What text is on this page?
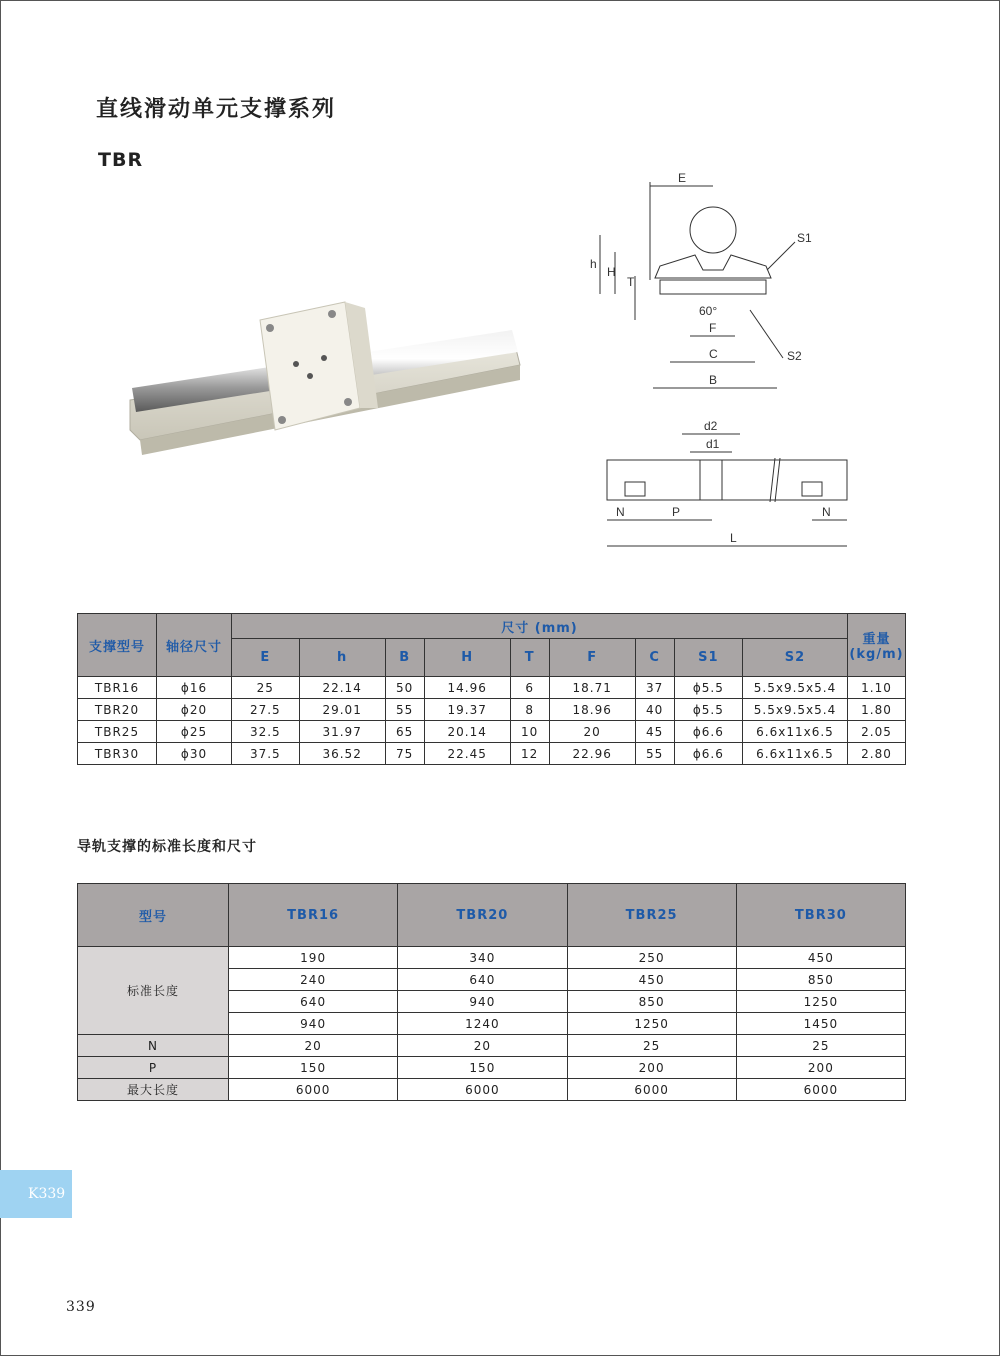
直线滑动单元支撑系列
TBR
E
h
H
T
S1
60°
F
C	S2
B
d2
d1
N	P	N
L
支撑型号	轴径尺寸	尺寸 (mm)									重量 (kg/m)
		E	h	B	H	T	F	C	S1	S2	
TBR16	ϕ16	25	22.14	50	14.96	6	18.71	37	ϕ5.5	5.5x9.5x5.4	1.10
TBR20	ϕ20	27.5	29.01	55	19.37	8	18.96	40	ϕ5.5	5.5x9.5x5.4	1.80
TBR25	ϕ25	32.5	31.97	65	20.14	10	20	45	ϕ6.6	6.6x11x6.5	2.05
TBR30	ϕ30	37.5	36.52	75	22.45	12	22.96	55	ϕ6.6	6.6x11x6.5	2.80
导轨支撑的标准长度和尺寸
型号	TBR16	TBR20	TBR25	TBR30
标准长度	190	340	250	450
	240	640	450	850
	640	940	850	1250
	940	1240	1250	1450
N	20	20	25	25
P	150	150	200	200
最大长度	6000	6000	6000	6000
K339
339
